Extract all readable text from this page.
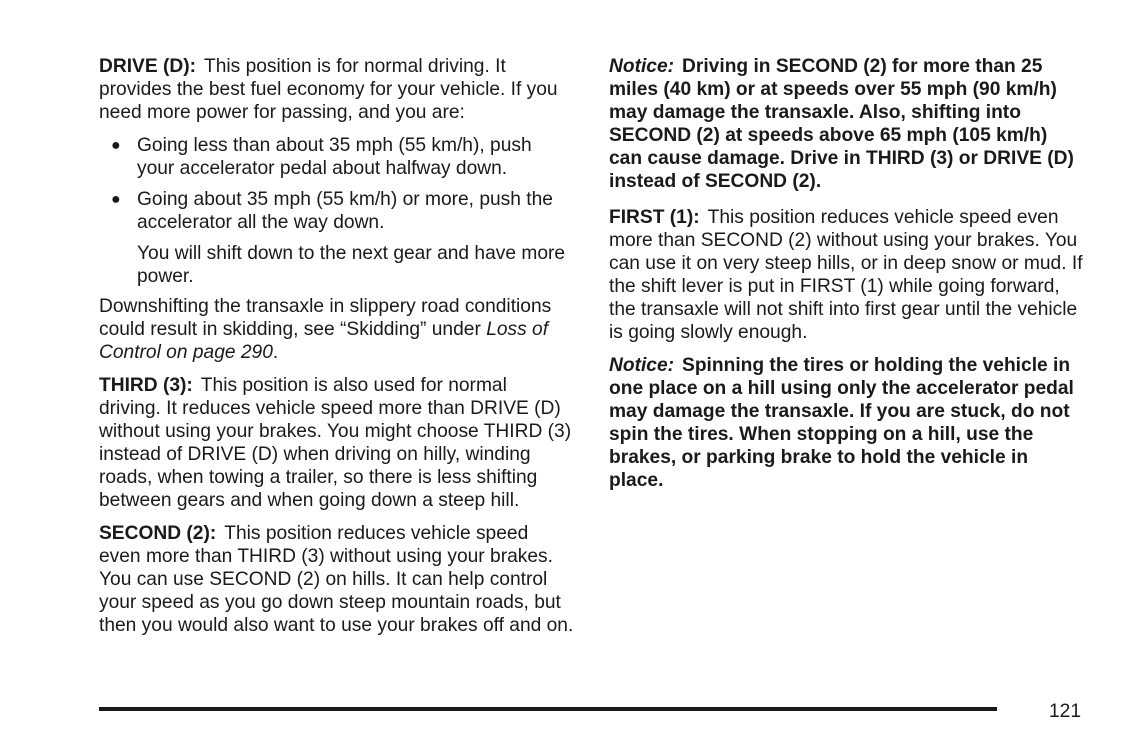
DRIVE (D): This position is for normal driving. It provides the best fuel economy for your vehicle. If you need more power for passing, and you are:

● Going less than about 35 mph (55 km/h), push your accelerator pedal about halfway down.
● Going about 35 mph (55 km/h) or more, push the accelerator all the way down.

You will shift down to the next gear and have more power.

Downshifting the transaxle in slippery road conditions could result in skidding, see “Skidding” under Loss of Control on page 290.

THIRD (3): This position is also used for normal driving. It reduces vehicle speed more than DRIVE (D) without using your brakes. You might choose THIRD (3) instead of DRIVE (D) when driving on hilly, winding roads, when towing a trailer, so there is less shifting between gears and when going down a steep hill.

SECOND (2): This position reduces vehicle speed even more than THIRD (3) without using your brakes. You can use SECOND (2) on hills. It can help control your speed as you go down steep mountain roads, but then you would also want to use your brakes off and on.

Notice: Driving in SECOND (2) for more than 25 miles (40 km) or at speeds over 55 mph (90 km/h) may damage the transaxle. Also, shifting into SECOND (2) at speeds above 65 mph (105 km/h) can cause damage. Drive in THIRD (3) or DRIVE (D) instead of SECOND (2).

FIRST (1): This position reduces vehicle speed even more than SECOND (2) without using your brakes. You can use it on very steep hills, or in deep snow or mud. If the shift lever is put in FIRST (1) while going forward, the transaxle will not shift into first gear until the vehicle is going slowly enough.

Notice: Spinning the tires or holding the vehicle in one place on a hill using only the accelerator pedal may damage the transaxle. If you are stuck, do not spin the tires. When stopping on a hill, use the brakes, or parking brake to hold the vehicle in place.

121
